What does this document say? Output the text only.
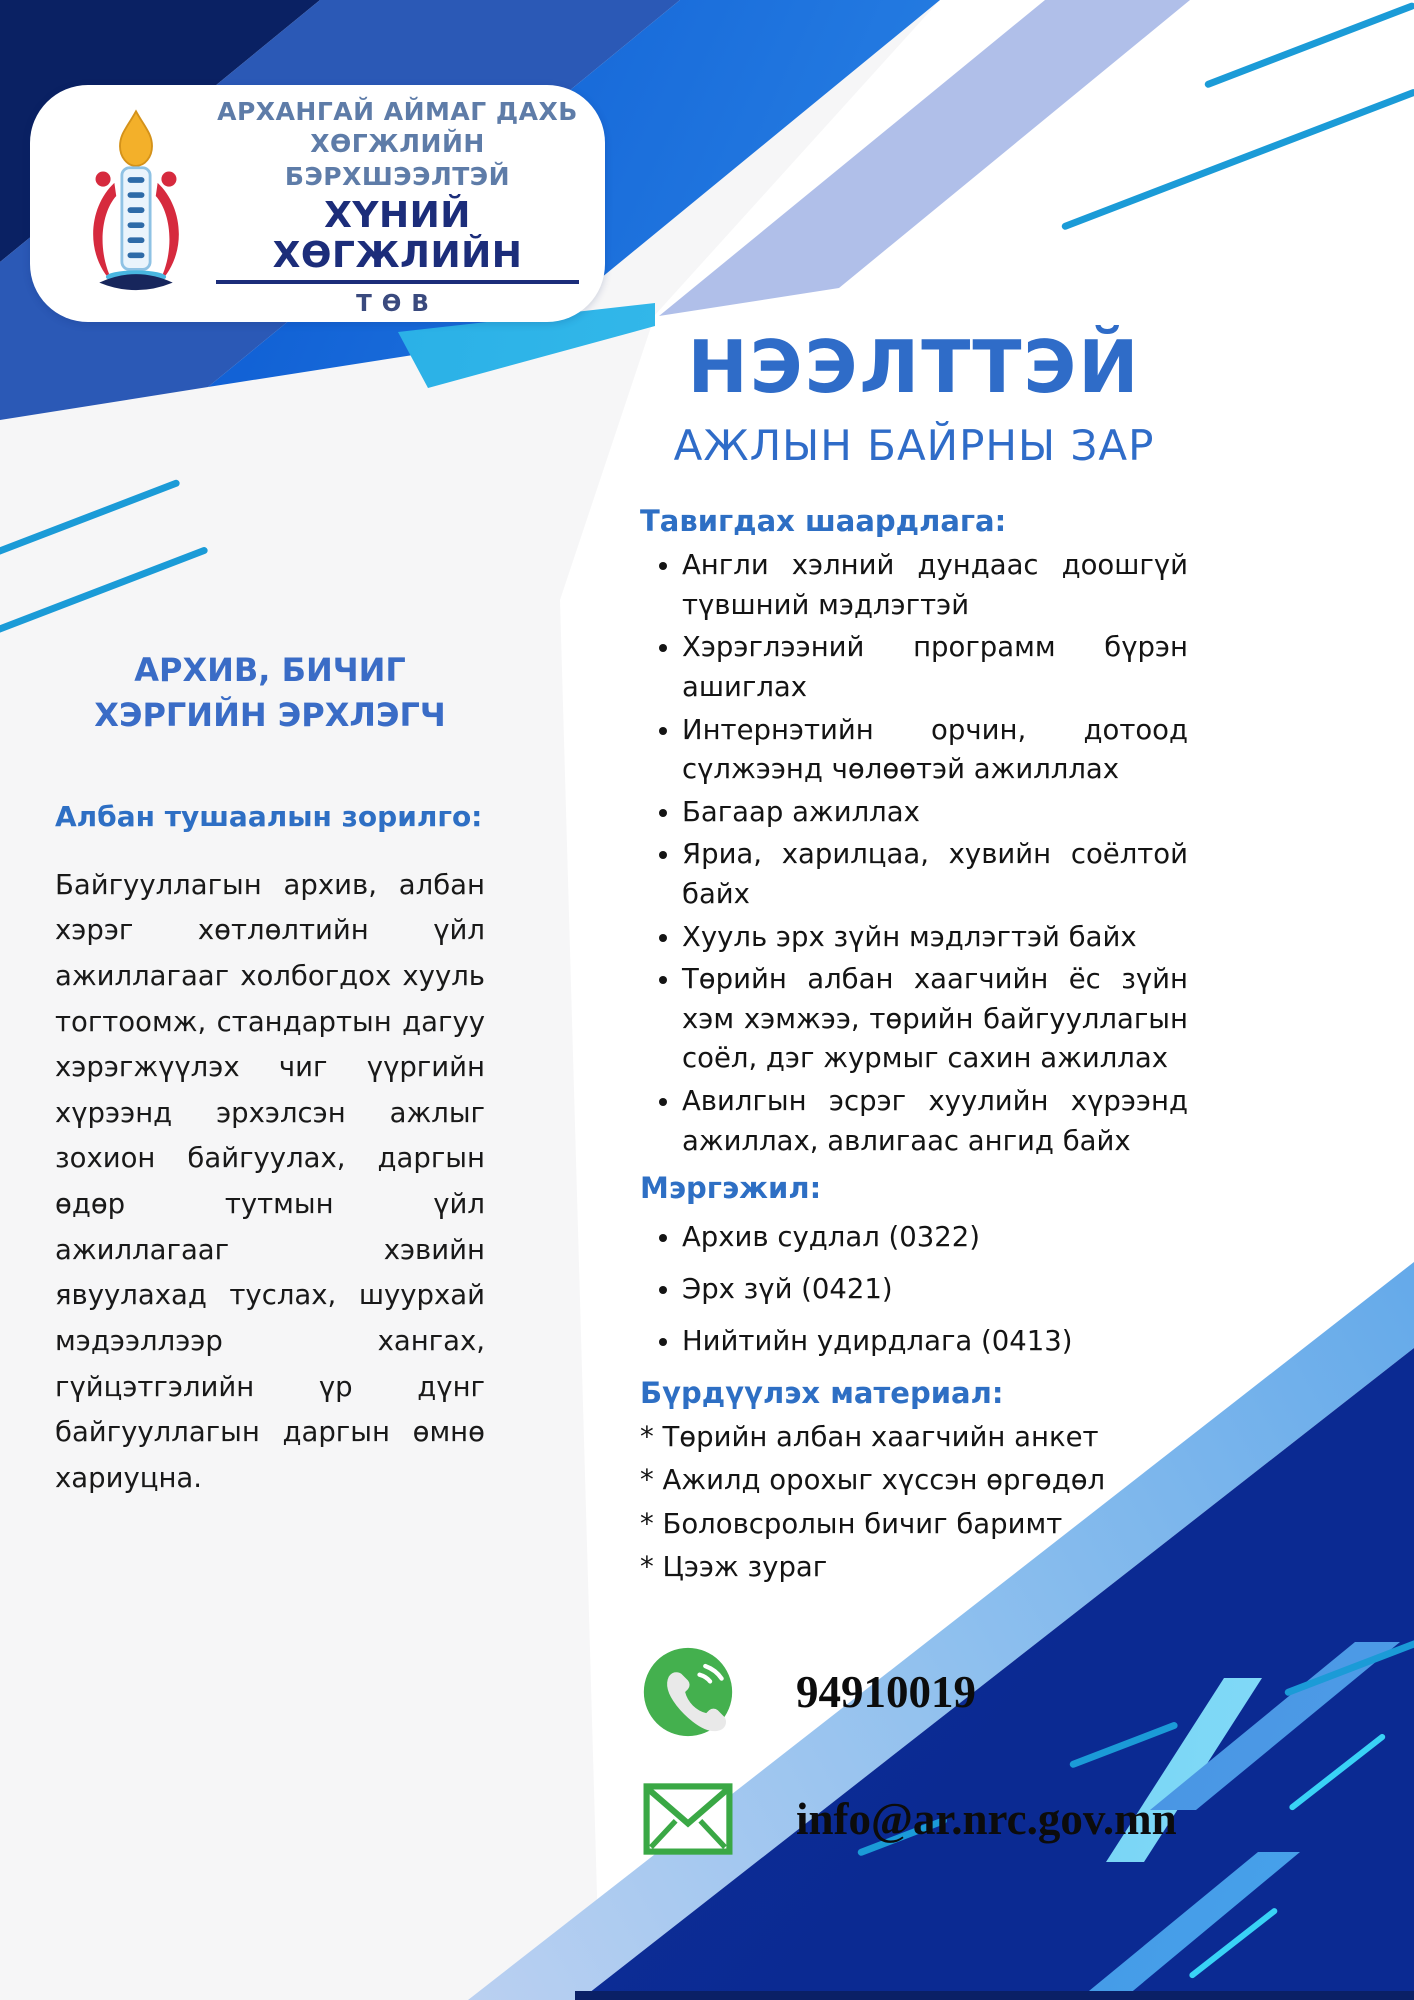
АРХАНГАЙ АЙМАГ ДАХЬ
ХӨГЖЛИЙН БЭРХШЭЭЛТЭЙ
ХҮНИЙ ХӨГЖЛИЙН
ТӨВ
АРХИВ, БИЧИГ ХЭРГИЙН ЭРХЛЭГЧ
Албан тушаалын зорилго:
Байгууллагын архив, албан хэрэг хөтлөлтийн үйл ажиллагааг холбогдох хууль тогтоомж, стандартын дагуу хэрэгжүүлэх чиг үүргийн хүрээнд эрхэлсэн ажлыг зохион байгуулах, даргын өдөр тутмын үйл ажиллагааг хэвийн явуулахад туслах, шуурхай мэдээллээр хангах, гүйцэтгэлийн үр дүнг байгууллагын даргын өмнө хариуцна.
НЭЭЛТТЭЙ
АЖЛЫН БАЙРНЫ ЗАР
Тавигдах шаардлага:
• Англи хэлний дундаас доошгүй түвшний мэдлэгтэй
• Хэрэглээний программ бүрэн ашиглах
• Интернэтийн орчин, дотоод сүлжээнд чөлөөтэй ажилллах
• Багаар ажиллах
• Яриа, харилцаа, хувийн соёлтой байх
• Хууль эрх зүйн мэдлэгтэй байх
• Төрийн албан хаагчийн ёс зүйн хэм хэмжээ, төрийн байгууллагын соёл, дэг журмыг сахин ажиллах
• Авилгын эсрэг хуулийн хүрээнд ажиллах, авлигаас ангид байх
Мэргэжил:
• Архив судлал (0322)
• Эрх зүй (0421)
• Нийтийн удирдлага (0413)
Бүрдүүлэх материал:
* Төрийн албан хаагчийн анкет
* Ажилд орохыг хүссэн өргөдөл
* Боловсролын бичиг баримт
* Цээж зураг
94910019
info@ar.nrc.gov.mn
